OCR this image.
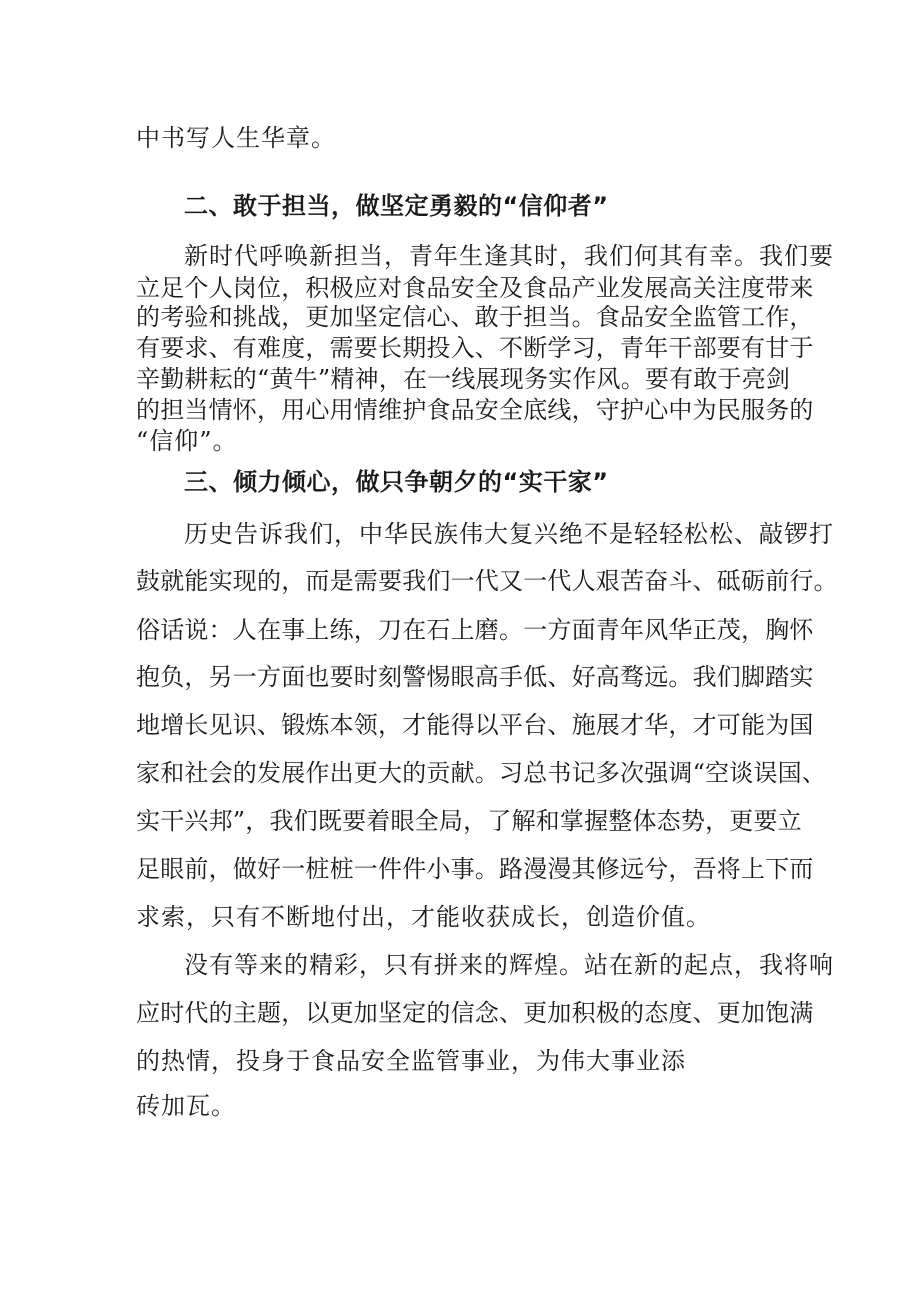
中书写人生华章。
二、敢于担当，做坚定勇毅的“信仰者”
新时代呼唤新担当，青年生逢其时，我们何其有幸。我们要
立足个人岗位，积极应对食品安全及食品产业发展高关注度带来
的考验和挑战，更加坚定信心、敢于担当。食品安全监管工作，
有要求、有难度，需要长期投入、不断学习，青年干部要有甘于
辛勤耕耘的“黄牛”精神，在一线展现务实作风。要有敢于亮剑
的担当情怀，用心用情维护食品安全底线，守护心中为民服务的
“信仰”。
三、倾力倾心，做只争朝夕的“实干家”
历史告诉我们，中华民族伟大复兴绝不是轻轻松松、敲锣打
鼓就能实现的，而是需要我们一代又一代人艰苦奋斗、砥砺前行。
俗话说：人在事上练，刀在石上磨。一方面青年风华正茂，胸怀
抱负，另一方面也要时刻警惕眼高手低、好高骛远。我们脚踏实
地增长见识、锻炼本领，才能得以平台、施展才华，才可能为国
家和社会的发展作出更大的贡献。习总书记多次强调“空谈误国、
实干兴邦”，我们既要着眼全局，了解和掌握整体态势，更要立
足眼前，做好一桩桩一件件小事。路漫漫其修远兮，吾将上下而
求索，只有不断地付出，才能收获成长，创造价值。
没有等来的精彩，只有拼来的辉煌。站在新的起点，我将响
应时代的主题，以更加坚定的信念、更加积极的态度、更加饱满
的热情，投身于食品安全监管事业，为伟大事业添
砖加瓦。
